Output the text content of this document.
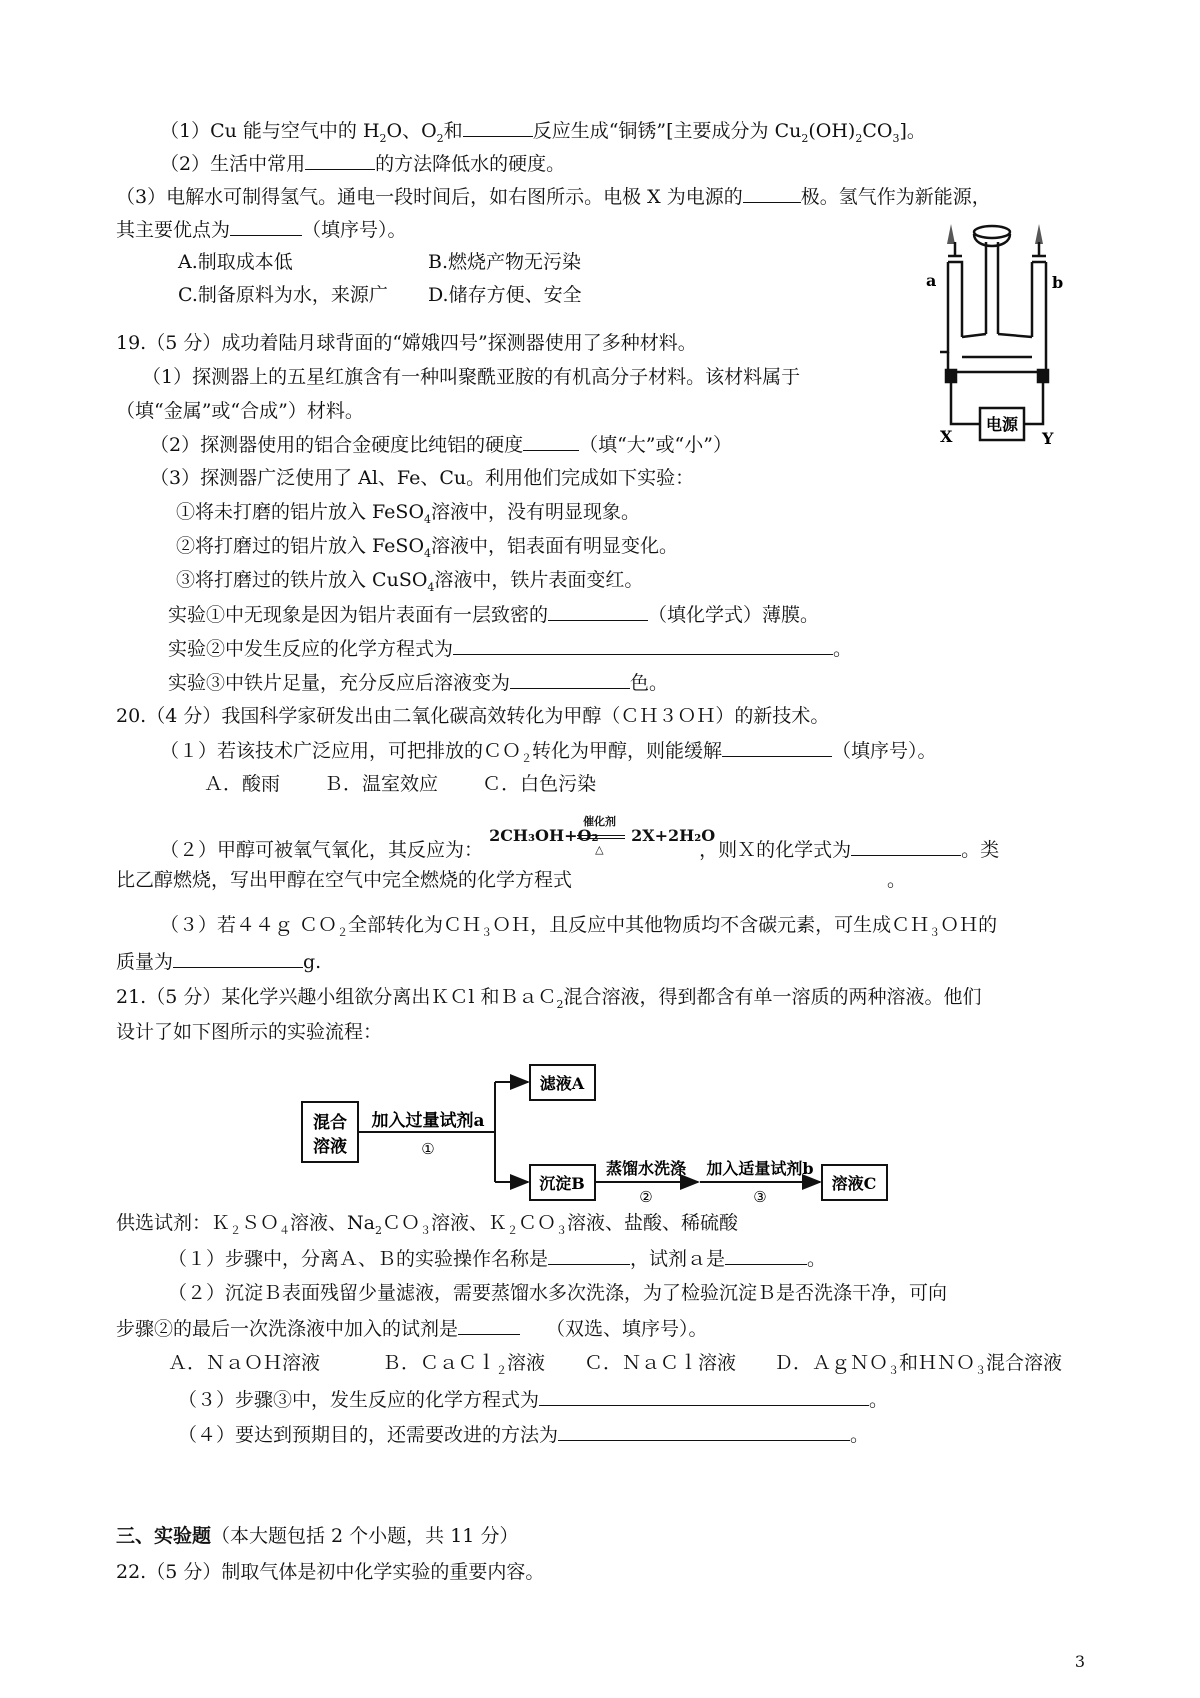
（1）Cu 能与空气中的 $H_2O$、$O_2$和	反应生成“铜锈”[主要成分为 $Cu_2(OH)_2CO_3$]。
（2）生活中常用	的方法降低水的硬度。
（3）电解水可制得氢气。通电一段时间后，如右图所示。电极 X 为电源的	极。氢气作为新能源，
其主要优点为	（填序号）。
A.制取成本低	B.燃烧产物无污染
C.制备原料为水，来源广 D.储存方便、安全
a	b
X	Y
电源
19.（5 分）成功着陆月球背面的“嫦娥四号”探测器使用了多种材料。
（1）探测器上的五星红旗含有一种叫聚酰亚胺的有机高分子材料。该材料属于
（填“金属”或“合成”）材料。
（2）探测器使用的铝合金硬度比纯铝的硬度	（填“大”或“小”）
（3）探测器广泛使用了 Al、Fe、Cu。利用他们完成如下实验：
①将未打磨的铝片放入 FeSO$_4$溶液中，没有明显现象。
②将打磨过的铝片放入 FeSO$_4$溶液中，铝表面有明显变化。
③将打磨过的铁片放入 CuSO$_4$溶液中，铁片表面变红。
实验①中无现象是因为铝片表面有一层致密的	（填化学式）薄膜。
实验②中发生反应的化学方程式为	。
实验③中铁片足量，充分反应后溶液变为	色。
20.（4 分）我国科学家研发出由二氧化碳高效转化为甲醇（ＣＨ３ＯＨ）的新技术。
（１）若该技术广泛应用，可把排放的ＣＯ$_2$转化为甲醇，则能缓解	（填序号）。
Ａ．酸雨　　 Ｂ．温室效应　　 Ｃ．白色污染
（２）甲醇可被氧气氧化，其反应为：
2CH₃OH+O₂
催化剂
△
2X+2H₂O
，则Ｘ的化学式为	。类
比乙醇燃烧，写出甲醇在空气中完全燃烧的化学方程式	。
（３）若４４ｇ ＣＯ$_2$全部转化为ＣＨ$_3$ＯＨ，且反应中其他物质均不含碳元素，可生成ＣＨ$_3$ＯＨ的
质量为	g.
21.（5 分）某化学兴趣小组欲分离出ＫＣl 和ＢａＣ$_2$混合溶液，得到都含有单一溶质的两种溶液。他们
设计了如下图所示的实验流程：
混合
溶液
加入过量试剂a
①
滤液A
沉淀B
蒸馏水洗涤
②
加入适量试剂b
③
溶液C
供选试剂：Ｋ$_2$ＳＯ$_4$溶液、$Na_2CO_3$溶液、Ｋ$_2$ＣＯ$_3$溶液、盐酸、稀硫酸
（１）步骤中，分离Ａ、Ｂ的实验操作名称是	，试剂ａ是	。
（２）沉淀Ｂ表面残留少量滤液，需要蒸馏水多次洗涤，为了检验沉淀Ｂ是否洗涤干净，可向
步骤②的最后一次洗涤液中加入的试剂是	（双选、填序号）。
Ａ．ＮａＯＨ溶液	Ｂ．ＣａＣｌ$_2$溶液 Ｃ．ＮａＣｌ溶液 Ｄ．ＡｇＮＯ$_3$和ＨＮＯ$_3$混合溶液
（３）步骤③中，发生反应的化学方程式为	。
（４）要达到预期目的，还需要改进的方法为	。
三、实验题（本大题包括 2 个小题，共 11 分）
22.（5 分）制取气体是初中化学实验的重要内容。
3
